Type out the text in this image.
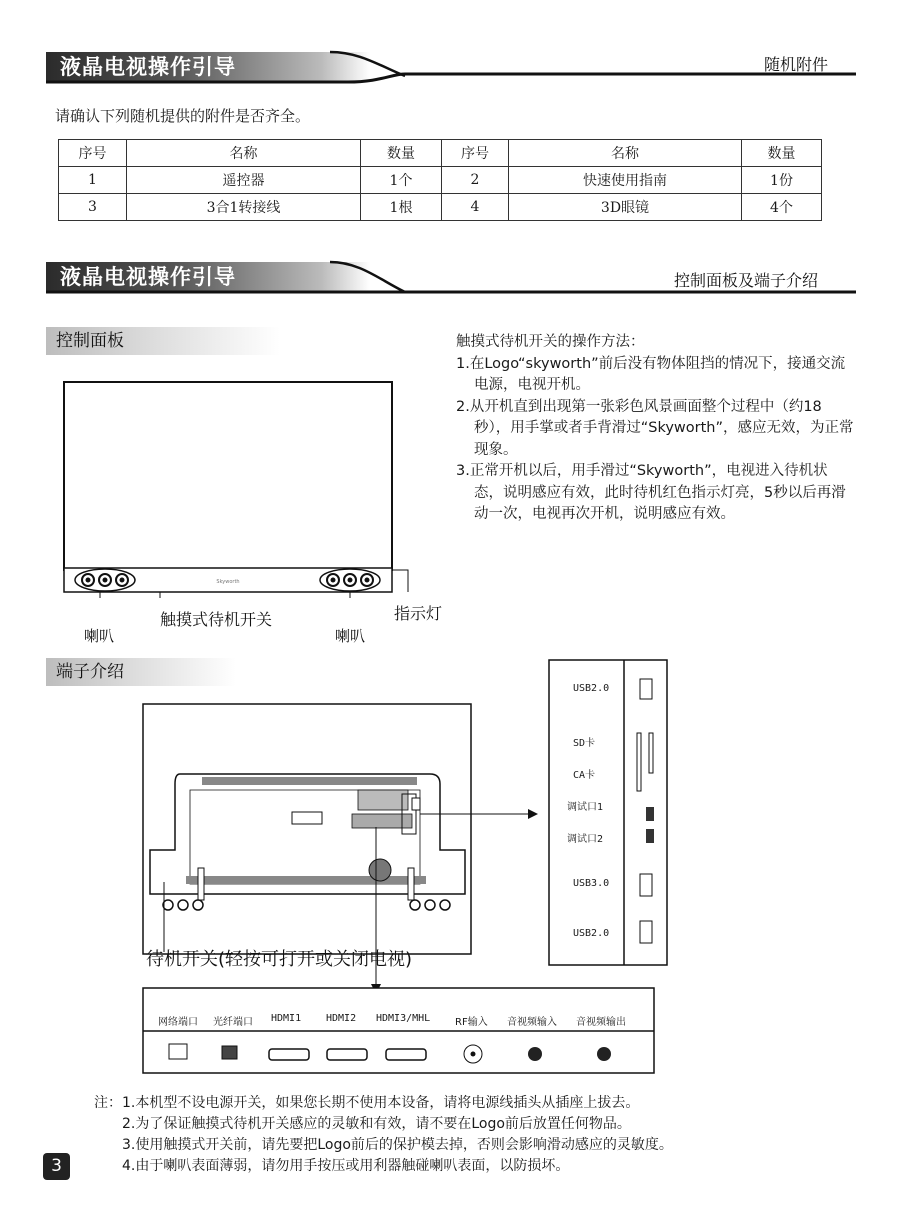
液晶电视操作引导	随机附件
请确认下列随机提供的附件是否齐全。
序号	名称	数量	序号	名称	数量
1	遥控器	1个	2	快速使用指南	1份
3	3合1转接线	1根	4	3D眼镜	4个
液晶电视操作引导	控制面板及端子介绍
控制面板
Skyworth
喇叭
触摸式待机开关
喇叭
指示灯

触摸式待机开关的操作方法：

1.在Logo“skyworth”前后没有物体阻挡的情况下，接通交流电源，电视开机。

2.从开机直到出现第一张彩色风景画面整个过程中（约18秒），用手掌或者手背滑过“Skyworth”，感应无效，为正常现象。

3.正常开机以后，用手滑过“Skyworth”，电视进入待机状态，说明感应有效，此时待机红色指示灯亮，5秒以后再滑动一次，电视再次开机，说明感应有效。

端子介绍
待机开关(轻按可打开或关闭电视)
USB2.0
SD卡
CA卡
调试口1
调试口2
USB3.0
USB2.0
网络端口 光纤端口 HDMI1 HDMI2 HDMI3/MHL RF输入 音视频输入 音视频输出

注：1.本机型不设电源开关，如果您长期不使用本设备，请将电源线插头从插座上拔去。

2.为了保证触摸式待机开关感应的灵敏和有效，请不要在Logo前后放置任何物品。

3.使用触摸式开关前，请先要把Logo前后的保护模去掉，否则会影响滑动感应的灵敏度。

4.由于喇叭表面薄弱，请勿用手按压或用利器触碰喇叭表面，以防损坏。

3
